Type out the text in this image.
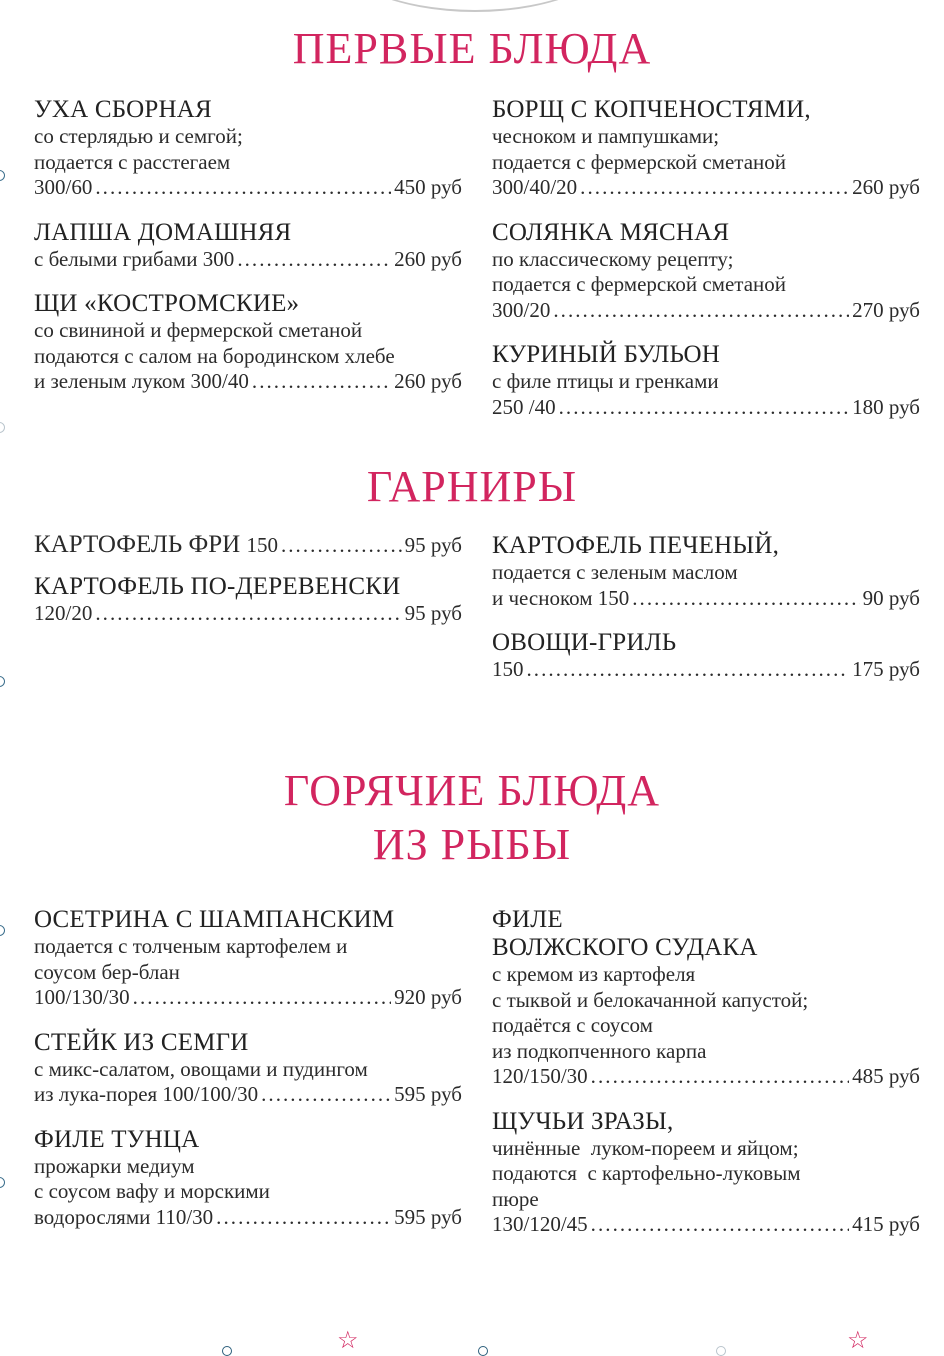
ПЕРВЫЕ БЛЮДА
УХА СБОРНАЯ
со стерлядью и семгой;
подается с расстегаем
300/60 . . .	450 руб
ЛАПША ДОМАШНЯЯ
с белыми грибами 300 . . .	260 руб
ЩИ «КОСТРОМСКИЕ»
со свининой и фермерской сметаной
подаются с салом на бородинском хлебе
и зеленым луком 300/40 . . .	260 руб
БОРЩ С КОПЧЕНОСТЯМИ,
чесноком и пампушками;
подается с фермерской сметаной
300/40/20 . . .	260 руб
СОЛЯНКА МЯСНАЯ
по классическому рецепту;
подается с фермерской сметаной
300/20 . . .	270 руб
КУРИНЫЙ БУЛЬОН
с филе птицы и гренками
250 /40 . . .	180 руб
ГАРНИРЫ
КАРТОФЕЛЬ ФРИ 150 . . .	95 руб
КАРТОФЕЛЬ ПО-ДЕРЕВЕНСКИ
120/20 . . .	95 руб
КАРТОФЕЛЬ ПЕЧЕНЫЙ,
подается с зеленым маслом
и чесноком 150 . . .	90 руб
ОВОЩИ-ГРИЛЬ
150 . . .	175 руб
ГОРЯЧИЕ БЛЮДА
ИЗ РЫБЫ
ОСЕТРИНА С ШАМПАНСКИМ
подается с толченым картофелем и
соусом бер-блан
100/130/30 . . .	920 руб
СТЕЙК ИЗ СЕМГИ
с микс-салатом, овощами и пудингом
из лука-порея 100/100/30 . . .	595 руб
ФИЛЕ ТУНЦА
прожарки медиум
с соусом вафу и морскими
водорослями 110/30 . . .	595 руб
ФИЛЕ
ВОЛЖСКОГО СУДАКА
с кремом из картофеля
с тыквой и белокачанной капустой;
подаётся с соусом
из подкопченного карпа
120/150/30 . . .	485 руб
ЩУЧЬИ ЗРАЗЫ,
чинённые  луком-пореем и яйцом;
подаются  с картофельно-луковым
пюре
130/120/45 . . .	415 руб
☆	☆
